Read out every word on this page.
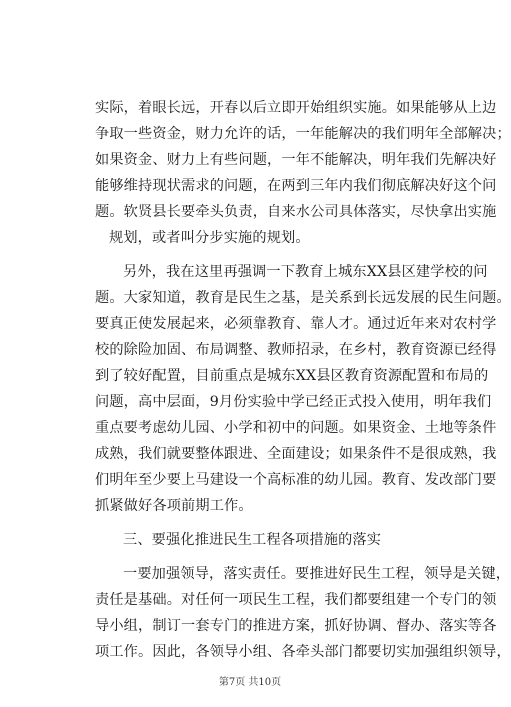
实际，着眼长远，开春以后立即开始组织实施。如果能够从上边
争取一些资金，财力允许的话，一年能解决的我们明年全部解决；
如果资金、财力上有些问题，一年不能解决，明年我们先解决好
能够维持现状需求的问题，在两到三年内我们彻底解决好这个问
题。软贤县长要牵头负责，自来水公司具体落实，尽快拿出实施
规划，或者叫分步实施的规划。
另外，我在这里再强调一下教育上城东XX县区建学校的问
题。大家知道，教育是民生之基，是关系到长远发展的民生问题。
要真正使发展起来，必须靠教育、靠人才。通过近年来对农村学
校的除险加固、布局调整、教师招录，在乡村，教育资源已经得
到了较好配置，目前重点是城东XX县区教育资源配置和布局的
问题，高中层面，9月份实验中学已经正式投入使用，明年我们
重点要考虑幼儿园、小学和初中的问题。如果资金、土地等条件
成熟，我们就要整体跟进、全面建设；如果条件不是很成熟，我
们明年至少要上马建设一个高标准的幼儿园。教育、发改部门要
抓紧做好各项前期工作。
三、要强化推进民生工程各项措施的落实
一要加强领导，落实责任。要推进好民生工程，领导是关键，
责任是基础。对任何一项民生工程，我们都要组建一个专门的领
导小组，制订一套专门的推进方案，抓好协调、督办、落实等各
项工作。因此，各领导小组、各牵头部门都要切实加强组织领导，
第7页 共10页
